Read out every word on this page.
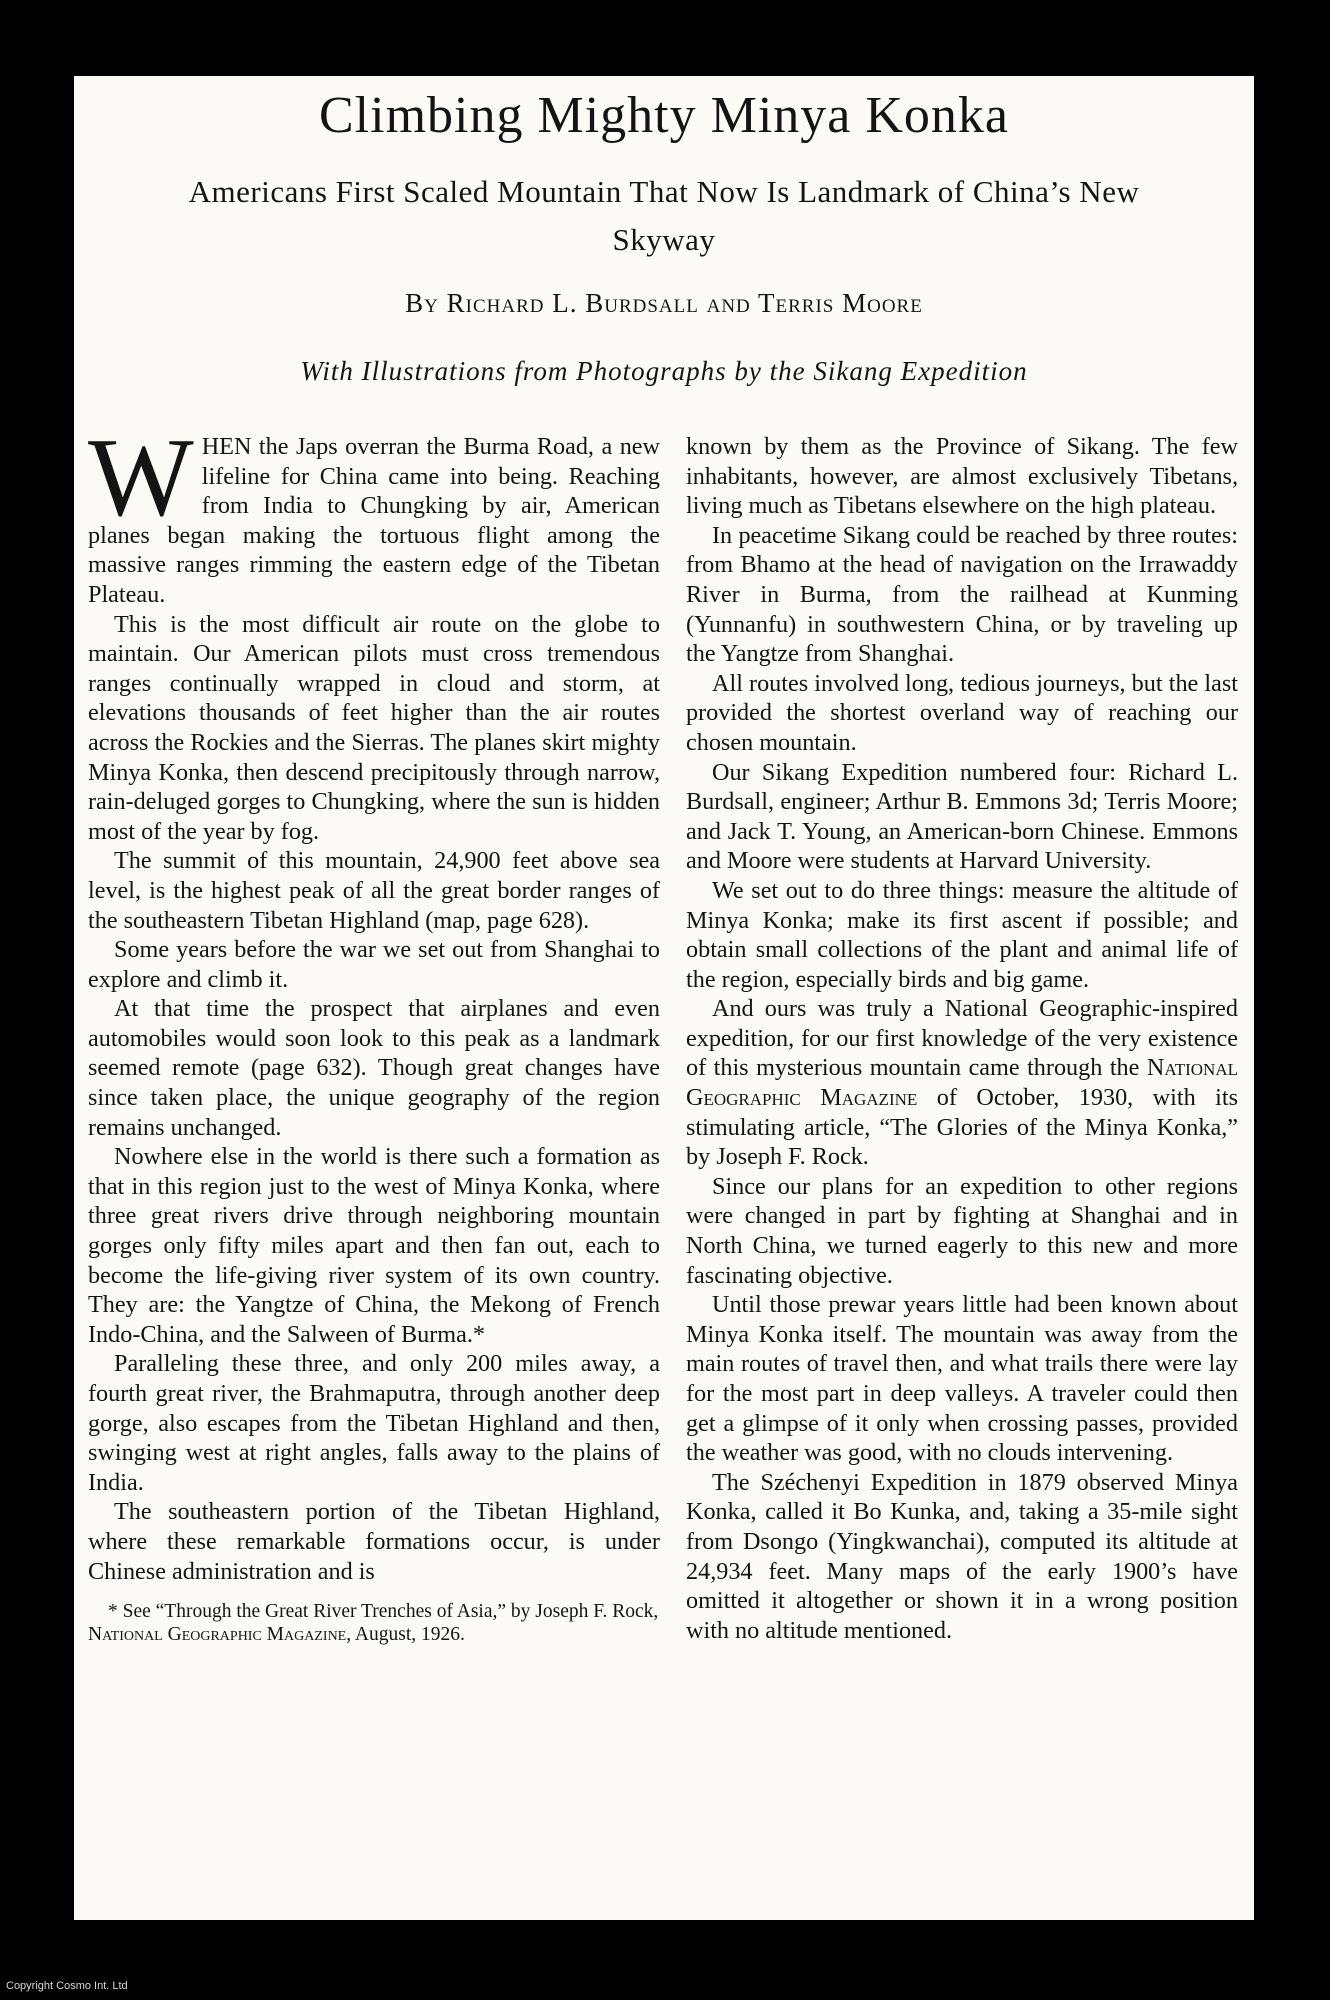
Climbing Mighty Minya Konka
Americans First Scaled Mountain That Now Is Landmark of China’s New Skyway
By Richard L. Burdsall and Terris Moore
With Illustrations from Photographs by the Sikang Expedition

WHEN the Japs overran the Burma Road, a new lifeline for China came into being. Reaching from India to Chungking by air, American planes began making the tortuous flight among the massive ranges rimming the eastern edge of the Tibetan Plateau.

This is the most difficult air route on the globe to maintain. Our American pilots must cross tremendous ranges continually wrapped in cloud and storm, at elevations thousands of feet higher than the air routes across the Rockies and the Sierras. The planes skirt mighty Minya Konka, then descend precipitously through narrow, rain-deluged gorges to Chungking, where the sun is hidden most of the year by fog.

The summit of this mountain, 24,900 feet above sea level, is the highest peak of all the great border ranges of the southeastern Tibetan Highland (map, page 628).

Some years before the war we set out from Shanghai to explore and climb it.

At that time the prospect that airplanes and even automobiles would soon look to this peak as a landmark seemed remote (page 632). Though great changes have since taken place, the unique geography of the region remains unchanged.

Nowhere else in the world is there such a formation as that in this region just to the west of Minya Konka, where three great rivers drive through neighboring mountain gorges only fifty miles apart and then fan out, each to become the life-giving river system of its own country. They are: the Yangtze of China, the Mekong of French Indo-China, and the Salween of Burma.*

Paralleling these three, and only 200 miles away, a fourth great river, the Brahmaputra, through another deep gorge, also escapes from the Tibetan Highland and then, swinging west at right angles, falls away to the plains of India.

The southeastern portion of the Tibetan Highland, where these remarkable formations occur, is under Chinese administration and is

* See “Through the Great River Trenches of Asia,” by Joseph F. Rock, National Geographic Magazine, August, 1926.

known by them as the Province of Sikang. The few inhabitants, however, are almost exclusively Tibetans, living much as Tibetans elsewhere on the high plateau.

In peacetime Sikang could be reached by three routes: from Bhamo at the head of navigation on the Irrawaddy River in Burma, from the railhead at Kunming (Yunnanfu) in southwestern China, or by traveling up the Yangtze from Shanghai.

All routes involved long, tedious journeys, but the last provided the shortest overland way of reaching our chosen mountain.

Our Sikang Expedition numbered four: Richard L. Burdsall, engineer; Arthur B. Emmons 3d; Terris Moore; and Jack T. Young, an American-born Chinese. Emmons and Moore were students at Harvard University.

We set out to do three things: measure the altitude of Minya Konka; make its first ascent if possible; and obtain small collections of the plant and animal life of the region, especially birds and big game.

And ours was truly a National Geographic-inspired expedition, for our first knowledge of the very existence of this mysterious mountain came through the National Geographic Magazine of October, 1930, with its stimulating article, “The Glories of the Minya Konka,” by Joseph F. Rock.

Since our plans for an expedition to other regions were changed in part by fighting at Shanghai and in North China, we turned eagerly to this new and more fascinating objective.

Until those prewar years little had been known about Minya Konka itself. The mountain was away from the main routes of travel then, and what trails there were lay for the most part in deep valleys. A traveler could then get a glimpse of it only when crossing passes, provided the weather was good, with no clouds intervening.

The Széchenyi Expedition in 1879 observed Minya Konka, called it Bo Kunka, and, taking a 35-mile sight from Dsongo (Yingkwanchai), computed its altitude at 24,934 feet. Many maps of the early 1900’s have omitted it altogether or shown it in a wrong position with no altitude mentioned.

Copyright Cosmo Int. Ltd
